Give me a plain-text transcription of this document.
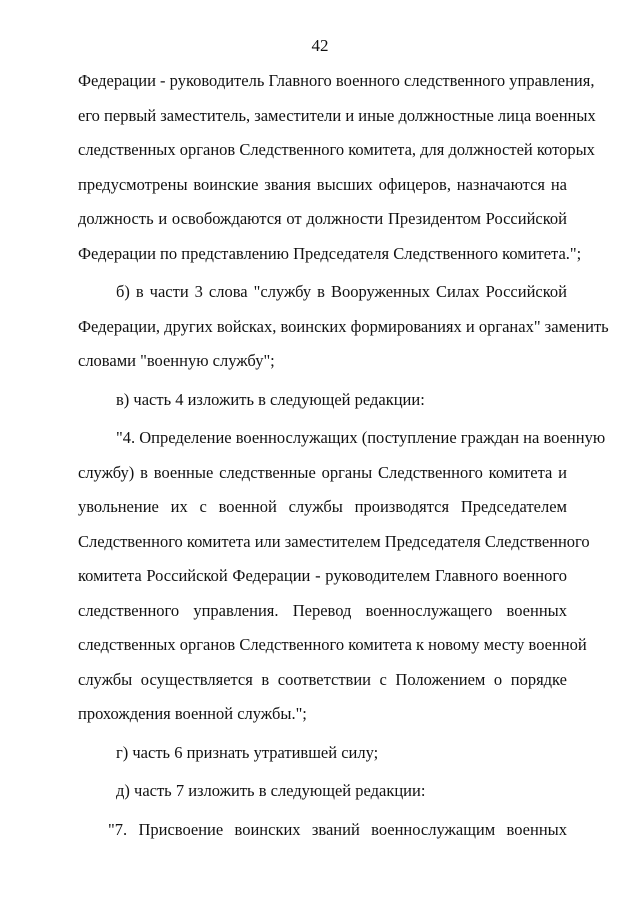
42
Федерации - руководитель Главного военного следственного управления,
его первый заместитель, заместители и иные должностные лица военных
следственных органов Следственного комитета, для должностей которых
предусмотрены воинские звания высших офицеров, назначаются на
должность и освобождаются от должности Президентом Российской
Федерации по представлению Председателя Следственного комитета.";
б) в части 3 слова "службу в Вооруженных Силах Российской
Федерации, других войсках, воинских формированиях и органах" заменить
словами "военную службу";
в) часть 4 изложить в следующей редакции:
"4. Определение военнослужащих (поступление граждан на военную
службу) в военные следственные органы Следственного комитета и
увольнение их с военной службы производятся Председателем
Следственного комитета или заместителем Председателя Следственного
комитета Российской Федерации - руководителем Главного военного
следственного управления. Перевод военнослужащего военных
следственных органов Следственного комитета к новому месту военной
службы осуществляется в соответствии с Положением о порядке
прохождения военной службы.";
г) часть 6 признать утратившей силу;
д) часть 7 изложить в следующей редакции:
"7. Присвоение воинских званий военнослужащим военных
